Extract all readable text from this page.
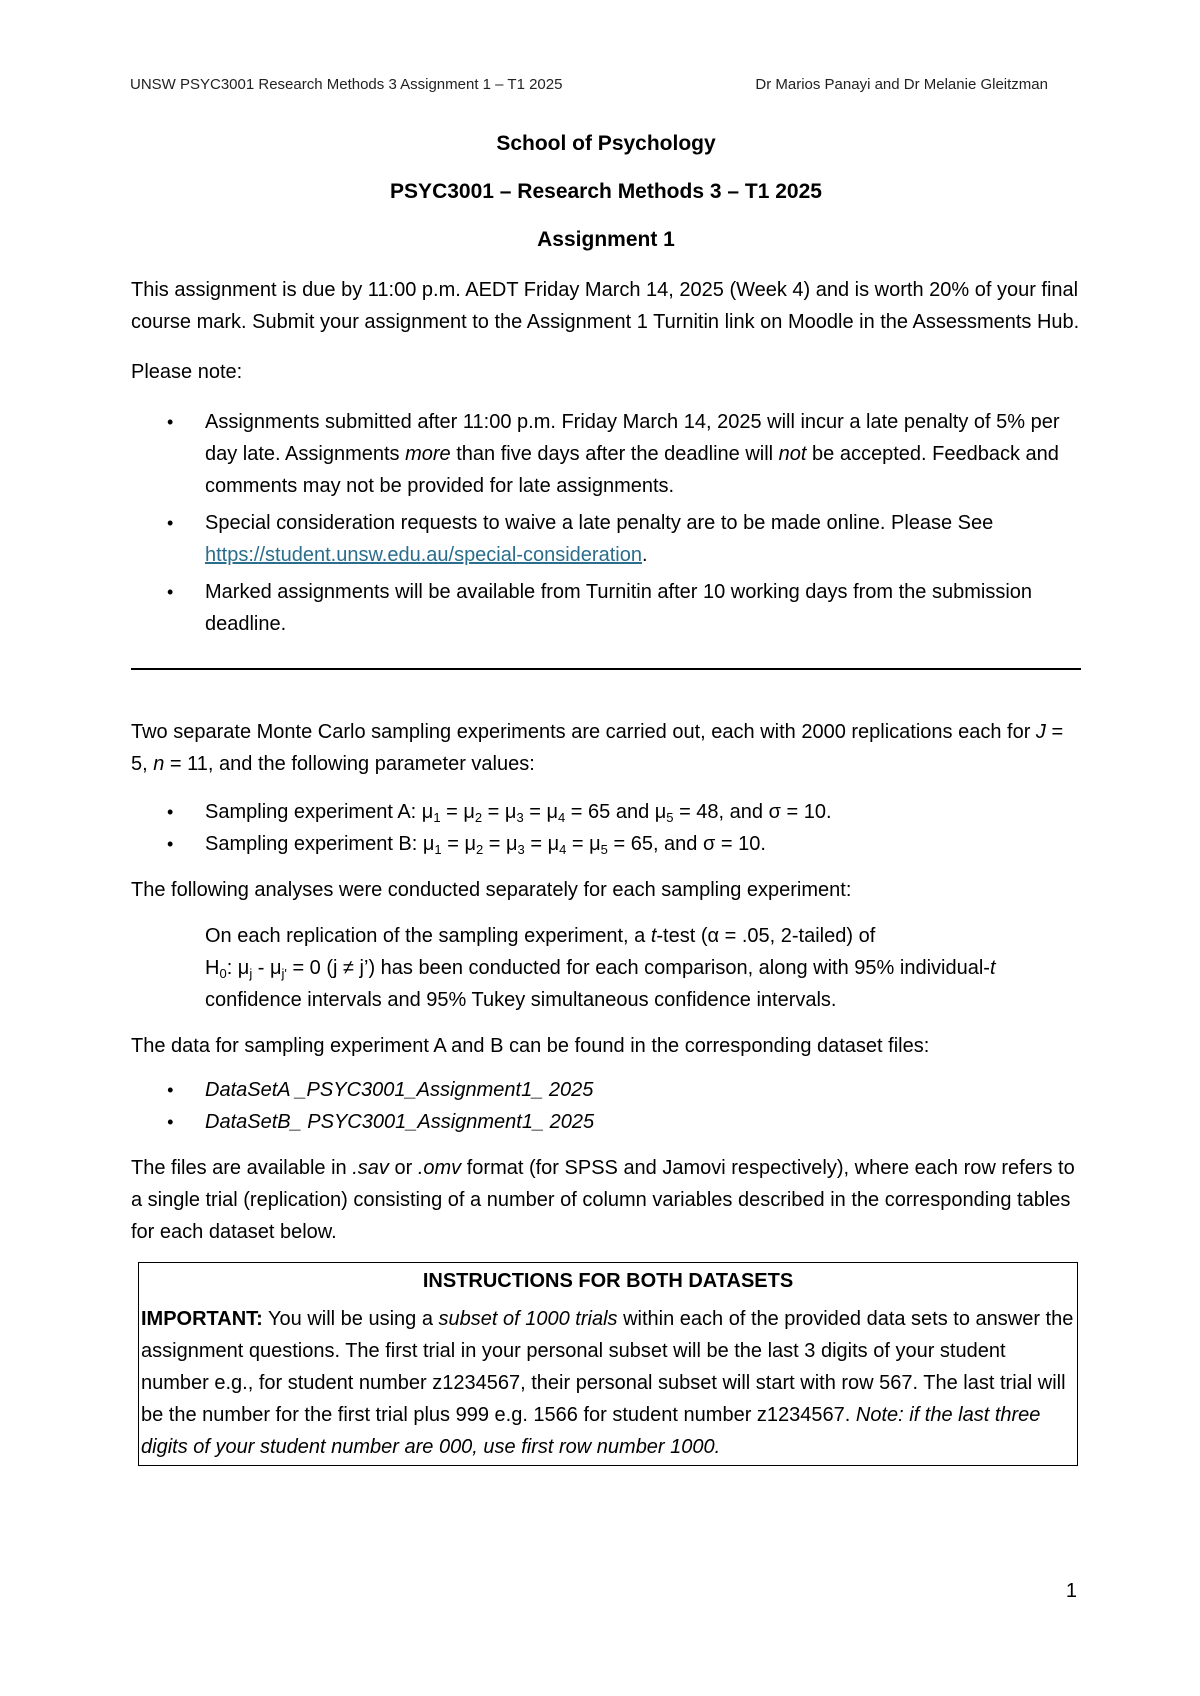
UNSW PSYC3001 Research Methods 3 Assignment 1 – T1 2025	Dr Marios Panayi and Dr Melanie Gleitzman

School of Psychology

PSYC3001 – Research Methods 3 – T1 2025

Assignment 1

This assignment is due by 11:00 p.m. AEDT Friday March 14, 2025 (Week 4) and is worth 20% of your final course mark. Submit your assignment to the Assignment 1 Turnitin link on Moodle in the Assessments Hub.

Please note:

• Assignments submitted after 11:00 p.m. Friday March 14, 2025 will incur a late penalty of 5% per day late. Assignments more than five days after the deadline will not be accepted. Feedback and comments may not be provided for late assignments.
• Special consideration requests to waive a late penalty are to be made online. Please See https://student.unsw.edu.au/special-consideration.
• Marked assignments will be available from Turnitin after 10 working days from the submission deadline.

Two separate Monte Carlo sampling experiments are carried out, each with 2000 replications each for J = 5, n = 11, and the following parameter values:

• Sampling experiment A: $\mu_1 = \mu_2 = \mu_3 = \mu_4 = 65$ and $\mu_5 = 48$, and σ = 10.
• Sampling experiment B: $\mu_1 = \mu_2 = \mu_3 = \mu_4 = \mu_5 = 65$, and σ = 10.

The following analyses were conducted separately for each sampling experiment:

On each replication of the sampling experiment, a t-test (α = .05, 2-tailed) of
$H_0$: $\mu_j - \mu_{j'} = 0$ (j ≠ j’) has been conducted for each comparison, along with 95% individual-t confidence intervals and 95% Tukey simultaneous confidence intervals.

The data for sampling experiment A and B can be found in the corresponding dataset files:

• DataSetA _PSYC3001_Assignment1_ 2025
• DataSetB_ PSYC3001_Assignment1_ 2025

The files are available in .sav or .omv format (for SPSS and Jamovi respectively), where each row refers to a single trial (replication) consisting of a number of column variables described in the corresponding tables for each dataset below.

INSTRUCTIONS FOR BOTH DATASETS
IMPORTANT: You will be using a subset of 1000 trials within each of the provided data sets to answer the assignment questions. The first trial in your personal subset will be the last 3 digits of your student number e.g., for student number z1234567, their personal subset will start with row 567. The last trial will be the number for the first trial plus 999 e.g. 1566 for student number z1234567. Note: if the last three digits of your student number are 000, use first row number 1000.
1
